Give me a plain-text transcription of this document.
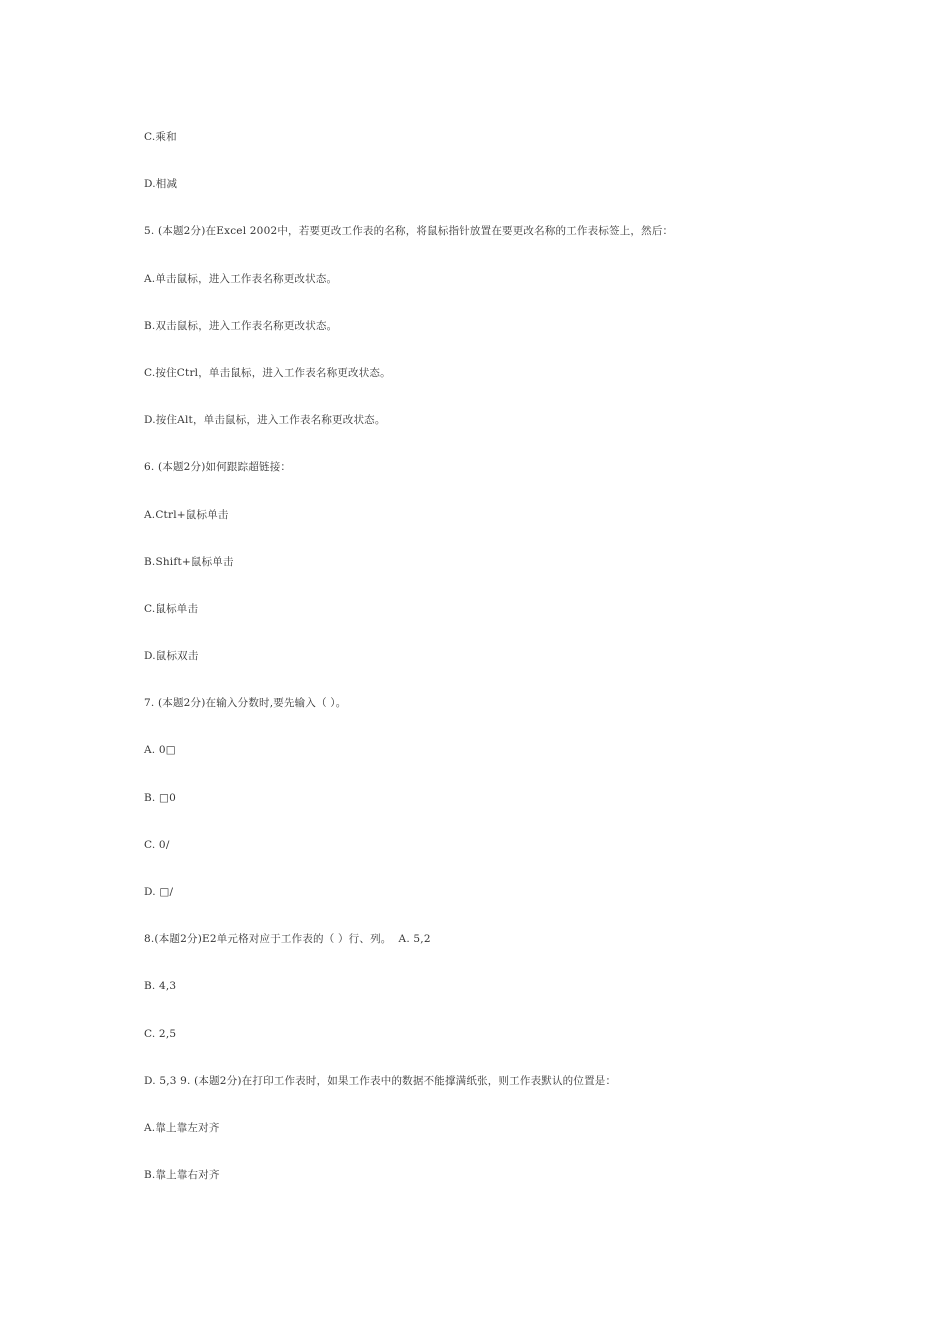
C.乘和
D.相减
5. (本题2分)在Excel 2002中，若要更改工作表的名称，将鼠标指针放置在要更改名称的工作表标签上，然后：
A.单击鼠标，进入工作表名称更改状态。
B.双击鼠标，进入工作表名称更改状态。
C.按住Ctrl，单击鼠标，进入工作表名称更改状态。
D.按住Alt，单击鼠标，进入工作表名称更改状态。
6. (本题2分)如何跟踪超链接：
A.Ctrl+鼠标单击
B.Shift+鼠标单击
C.鼠标单击
D.鼠标双击
7. (本题2分)在输入分数时,要先输入（ ）。
A. 0□
B. □0
C. 0/
D. □/
8.(本题2分)E2单元格对应于工作表的（ ）行、列。  A. 5,2
B. 4,3
C. 2,5
D. 5,3 9. (本题2分)在打印工作表时，如果工作表中的数据不能撑满纸张，则工作表默认的位置是：
A.靠上靠左对齐
B.靠上靠右对齐
